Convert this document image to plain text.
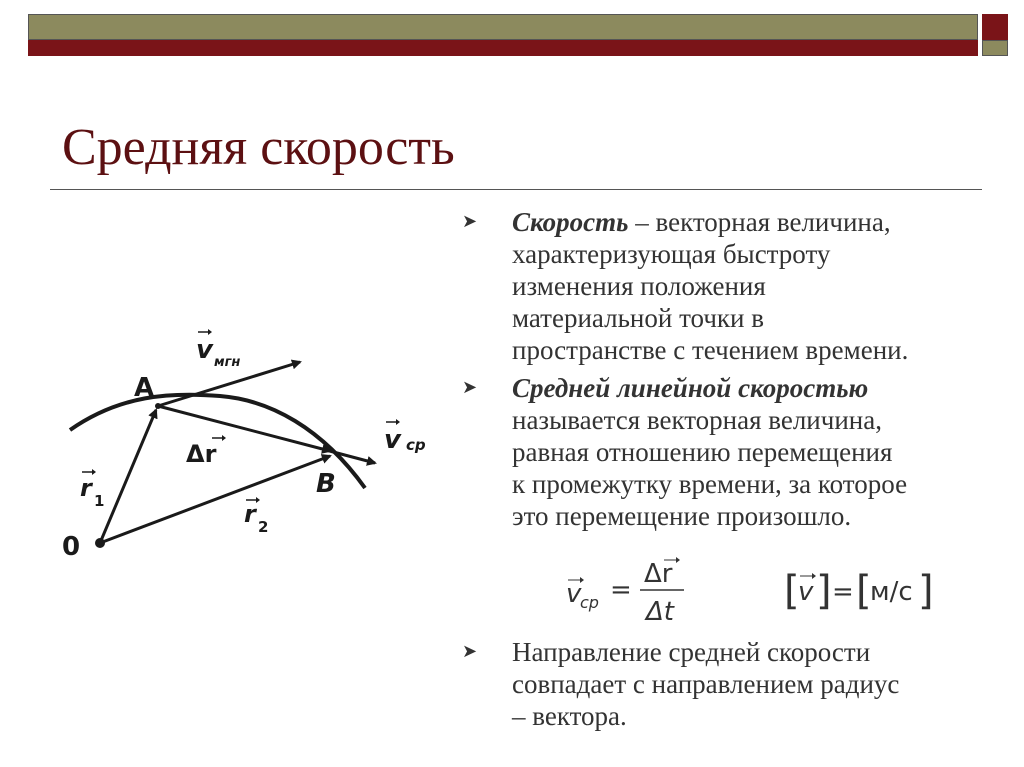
Средняя скорость
➤	Скорость – векторная величина,
характеризующая быстроту
изменения положения
материальной точки в
пространстве с течением времени.
➤	Средней линейной скоростью
называется векторная величина,
равная отношению перемещения
к промежутку времени, за которое
это перемещение произошло.
v
ср =
Δr
Δt	[
v ] = [
м/с ]
➤	Направление средней скорости
совпадает с направлением радиус
– вектора.
0
A
B
r 1	r 2
Δr
v мгн
v ср
